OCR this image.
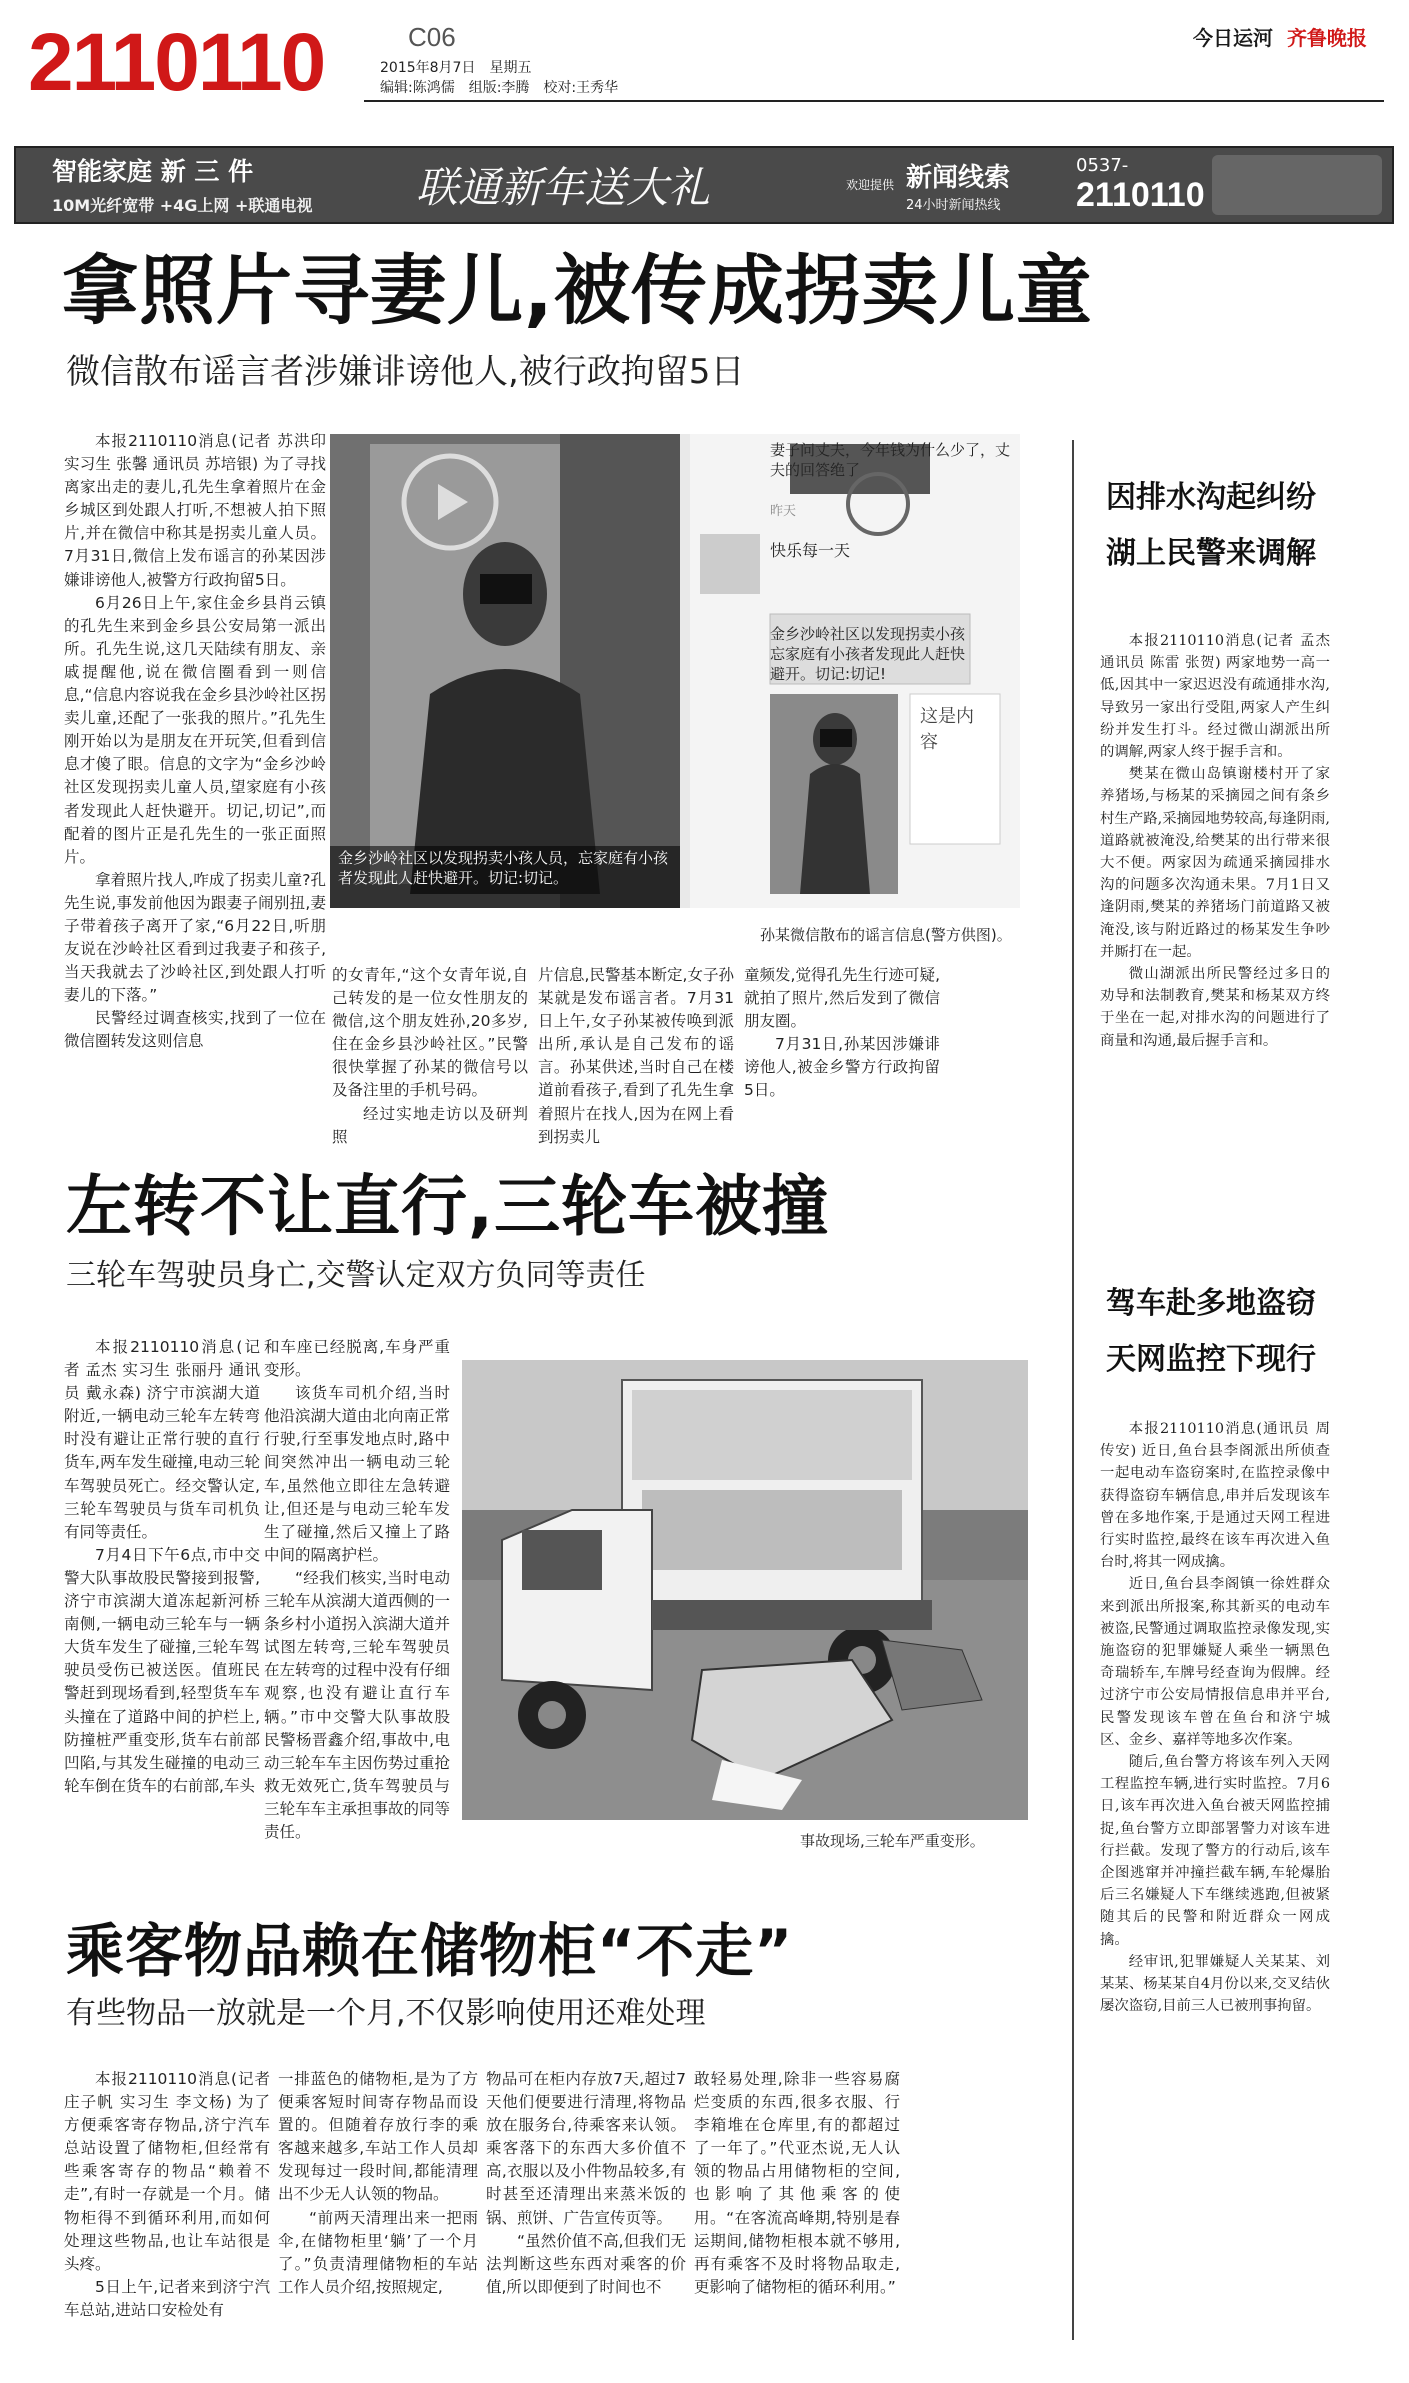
2110110	C06
2015年8月7日　星期五
编辑:陈鸿儒　组版:李腾　校对:王秀华
今日运河 齐鲁晚报
智能家庭 新 三 件
10M光纤宽带 +4G上网 +联通电视	联通新年送大礼	欢迎提供 新闻线索
24小时新闻热线
0537-
2110110
拿照片寻妻儿,被传成拐卖儿童
微信散布谣言者涉嫌诽谤他人,被行政拘留5日

本报2110110消息(记者 苏洪印 实习生 张馨 通讯员 苏培银) 为了寻找离家出走的妻儿,孔先生拿着照片在金乡城区到处跟人打听,不想被人拍下照片,并在微信中称其是拐卖儿童人员。7月31日,微信上发布谣言的孙某因涉嫌诽谤他人,被警方行政拘留5日。

6月26日上午,家住金乡县肖云镇的孔先生来到金乡县公安局第一派出所。孔先生说,这几天陆续有朋友、亲戚提醒他,说在微信圈看到一则信息,“信息内容说我在金乡县沙岭社区拐卖儿童,还配了一张我的照片。”孔先生刚开始以为是朋友在开玩笑,但看到信息才傻了眼。信息的文字为“金乡沙岭社区发现拐卖儿童人员,望家庭有小孩者发现此人赶快避开。切记,切记”,而配着的图片正是孔先生的一张正面照片。

拿着照片找人,咋成了拐卖儿童?孔先生说,事发前他因为跟妻子闹别扭,妻子带着孩子离开了家,“6月22日,听朋友说在沙岭社区看到过我妻子和孩子,当天我就去了沙岭社区,到处跟人打听妻儿的下落。”

民警经过调查核实,找到了一位在微信圈转发这则信息

金乡沙岭社区以发现拐卖小孩人员，忘家庭有小孩者发现此人赶快避开。切记:切记。
金乡沙岭社区以发现拐卖小孩忘家庭有小孩者发现此人赶快避开。切记:切记!
妻子问丈夫，今年钱为什么少了，丈夫的回答绝了
快乐每一天
昨天
这是内容
孙某微信散布的谣言信息(警方供图)。

的女青年,“这个女青年说,自己转发的是一位女性朋友的微信,这个朋友姓孙,20多岁,住在金乡县沙岭社区。”民警很快掌握了孙某的微信号以及备注里的手机号码。

经过实地走访以及研判照

片信息,民警基本断定,女子孙某就是发布谣言者。7月31日上午,女子孙某被传唤到派出所,承认是自己发布的谣言。孙某供述,当时自己在楼道前看孩子,看到了孔先生拿着照片在找人,因为在网上看到拐卖儿

童频发,觉得孔先生行迹可疑,就拍了照片,然后发到了微信朋友圈。

7月31日,孙某因涉嫌诽谤他人,被金乡警方行政拘留5日。

左转不让直行,三轮车被撞
三轮车驾驶员身亡,交警认定双方负同等责任

本报2110110消息(记者 孟杰 实习生 张丽丹 通讯员 戴永森) 济宁市滨湖大道附近,一辆电动三轮车左转弯时没有避让正常行驶的直行货车,两车发生碰撞,电动三轮车驾驶员死亡。经交警认定,三轮车驾驶员与货车司机负有同等责任。

7月4日下午6点,市中交警大队事故股民警接到报警,济宁市滨湖大道冻起新河桥南侧,一辆电动三轮车与一辆大货车发生了碰撞,三轮车驾驶员受伤已被送医。值班民警赶到现场看到,轻型货车车头撞在了道路中间的护栏上,防撞桩严重变形,货车右前部凹陷,与其发生碰撞的电动三轮车倒在货车的右前部,车头

和车座已经脱离,车身严重变形。

该货车司机介绍,当时他沿滨湖大道由北向南正常行驶,行至事发地点时,路中间突然冲出一辆电动三轮车,虽然他立即往左急转避让,但还是与电动三轮车发生了碰撞,然后又撞上了路中间的隔离护栏。

“经我们核实,当时电动三轮车从滨湖大道西侧的一条乡村小道拐入滨湖大道并试图左转弯,三轮车驾驶员在左转弯的过程中没有仔细观察,也没有避让直行车辆。”市中交警大队事故股民警杨晋鑫介绍,事故中,电动三轮车车主因伤势过重抢救无效死亡,货车驾驶员与三轮车车主承担事故的同等责任。

事故现场,三轮车严重变形。
乘客物品赖在储物柜“不走”
有些物品一放就是一个月,不仅影响使用还难处理

本报2110110消息(记者 庄子帆 实习生 李文杨) 为了方便乘客寄存物品,济宁汽车总站设置了储物柜,但经常有些乘客寄存的物品“赖着不走”,有时一存就是一个月。储物柜得不到循环利用,而如何处理这些物品,也让车站很是头疼。

5日上午,记者来到济宁汽车总站,进站口安检处有

一排蓝色的储物柜,是为了方便乘客短时间寄存物品而设置的。但随着存放行李的乘客越来越多,车站工作人员却发现每过一段时间,都能清理出不少无人认领的物品。

“前两天清理出来一把雨伞,在储物柜里‘躺’了一个月了。”负责清理储物柜的车站工作人员介绍,按照规定,

物品可在柜内存放7天,超过7天他们便要进行清理,将物品放在服务台,待乘客来认领。乘客落下的东西大多价值不高,衣服以及小件物品较多,有时甚至还清理出来蒸米饭的锅、煎饼、广告宣传页等。

“虽然价值不高,但我们无法判断这些东西对乘客的价值,所以即便到了时间也不

敢轻易处理,除非一些容易腐烂变质的东西,很多衣服、行李箱堆在仓库里,有的都超过了一年了。”代亚杰说,无人认领的物品占用储物柜的空间,也影响了其他乘客的使用。“在客流高峰期,特别是春运期间,储物柜根本就不够用,再有乘客不及时将物品取走,更影响了储物柜的循环利用。”

因排水沟起纠纷
湖上民警来调解

本报2110110消息(记者 孟杰 通讯员 陈雷 张贺) 两家地势一高一低,因其中一家迟迟没有疏通排水沟,导致另一家出行受阻,两家人产生纠纷并发生打斗。经过微山湖派出所的调解,两家人终于握手言和。

樊某在微山岛镇谢楼村开了家养猪场,与杨某的采摘园之间有条乡村生产路,采摘园地势较高,每逢阴雨,道路就被淹没,给樊某的出行带来很大不便。两家因为疏通采摘园排水沟的问题多次沟通未果。7月1日又逢阴雨,樊某的养猪场门前道路又被淹没,该与附近路过的杨某发生争吵并厮打在一起。

微山湖派出所民警经过多日的劝导和法制教育,樊某和杨某双方终于坐在一起,对排水沟的问题进行了商量和沟通,最后握手言和。

驾车赴多地盗窃
天网监控下现行

本报2110110消息(通讯员 周传安) 近日,鱼台县李阁派出所侦查一起电动车盗窃案时,在监控录像中获得盗窃车辆信息,串并后发现该车曾在多地作案,于是通过天网工程进行实时监控,最终在该车再次进入鱼台时,将其一网成擒。

近日,鱼台县李阁镇一徐姓群众来到派出所报案,称其新买的电动车被盗,民警通过调取监控录像发现,实施盗窃的犯罪嫌疑人乘坐一辆黑色奇瑞轿车,车牌号经查询为假牌。经过济宁市公安局情报信息串并平台,民警发现该车曾在鱼台和济宁城区、金乡、嘉祥等地多次作案。

随后,鱼台警方将该车列入天网工程监控车辆,进行实时监控。7月6日,该车再次进入鱼台被天网监控捕捉,鱼台警方立即部署警力对该车进行拦截。发现了警方的行动后,该车企图逃窜并冲撞拦截车辆,车轮爆胎后三名嫌疑人下车继续逃跑,但被紧随其后的民警和附近群众一网成擒。

经审讯,犯罪嫌疑人关某某、刘某某、杨某某自4月份以来,交叉结伙屡次盗窃,目前三人已被刑事拘留。
